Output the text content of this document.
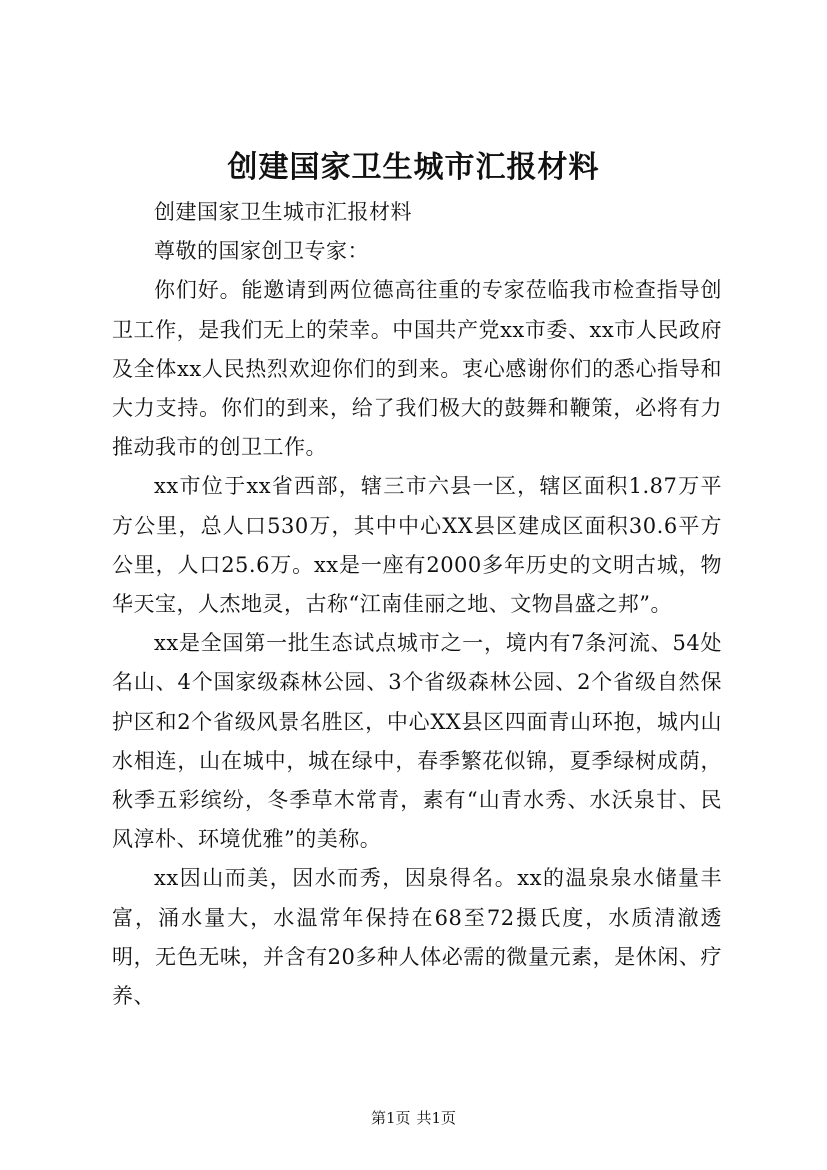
创建国家卫生城市汇报材料

创建国家卫生城市汇报材料

尊敬的国家创卫专家：

你们好。能邀请到两位德高往重的专家莅临我市检查指导创卫工作，是我们无上的荣幸。中国共产党xx市委、xx市人民政府及全体xx人民热烈欢迎你们的到来。衷心感谢你们的悉心指导和大力支持。你们的到来，给了我们极大的鼓舞和鞭策，必将有力推动我市的创卫工作。

xx市位于xx省西部，辖三市六县一区，辖区面积1.87万平方公里，总人口530万，其中中心XX县区建成区面积30.6平方公里，人口25.6万。xx是一座有2000多年历史的文明古城，物华天宝，人杰地灵，古称“江南佳丽之地、文物昌盛之邦”。

xx是全国第一批生态试点城市之一，境内有7条河流、54处名山、4个国家级森林公园、3个省级森林公园、2个省级自然保护区和2个省级风景名胜区，中心XX县区四面青山环抱，城内山水相连，山在城中，城在绿中，春季繁花似锦，夏季绿树成荫，秋季五彩缤纷，冬季草木常青，素有“山青水秀、水沃泉甘、民风淳朴、环境优雅”的美称。

xx因山而美，因水而秀，因泉得名。xx的温泉泉水储量丰富，涌水量大，水温常年保持在68至72摄氏度，水质清澈透明，无色无味，并含有20多种人体必需的微量元素，是休闲、疗养、

第1页 共1页
